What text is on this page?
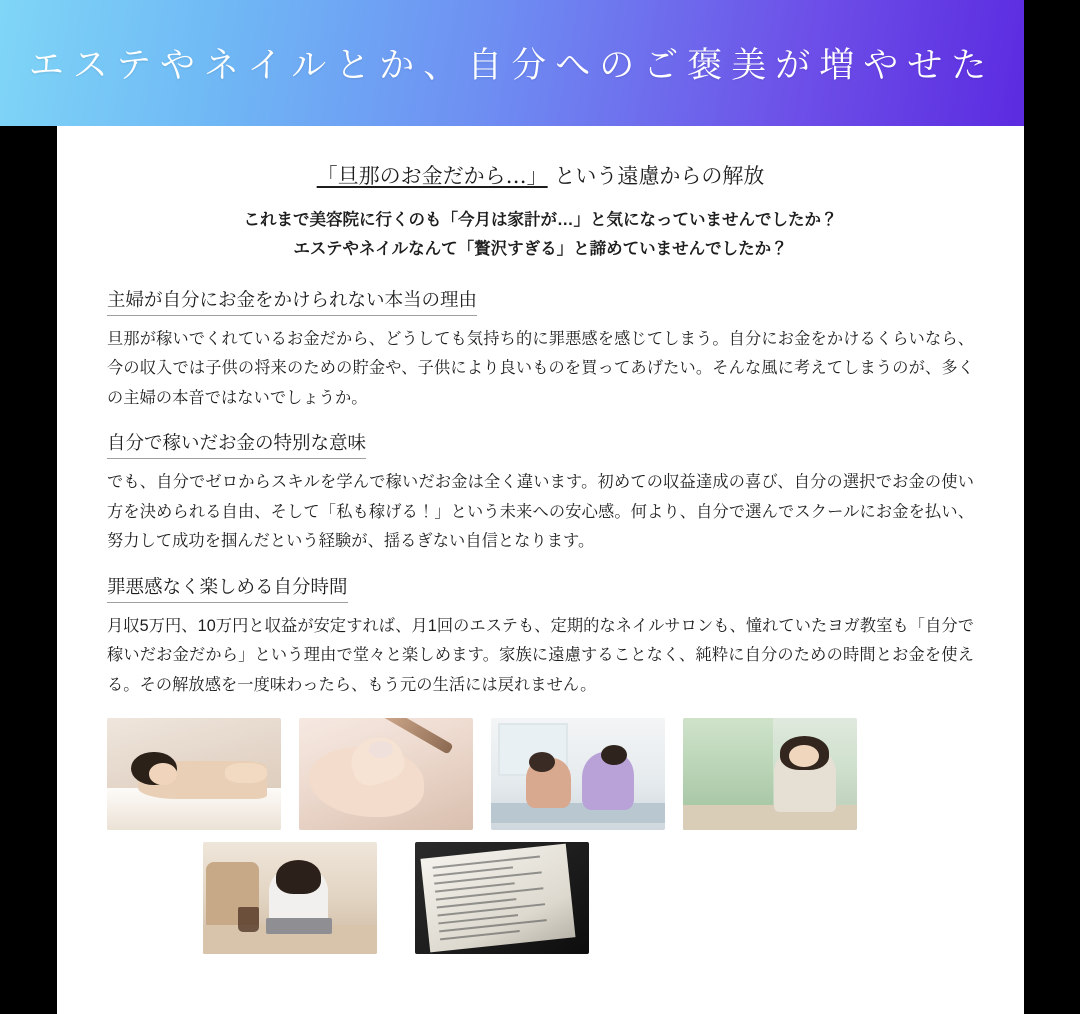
エステやネイルとか、自分へのご褒美が増やせた

「旦那のお金だから…」 という遠慮からの解放

これまで美容院に行くのも「今月は家計が…」と気になっていませんでしたか？
エステやネイルなんて「贅沢すぎる」と諦めていませんでしたか？
主婦が自分にお金をかけられない本当の理由

旦那が稼いでくれているお金だから、どうしても気持ち的に罪悪感を感じてしまう。自分にお金をかけるくらいなら、今の収入では子供の将来のための貯金や、子供により良いものを買ってあげたい。そんな風に考えてしまうのが、多くの主婦の本音ではないでしょうか。

自分で稼いだお金の特別な意味

でも、自分でゼロからスキルを学んで稼いだお金は全く違います。初めての収益達成の喜び、自分の選択でお金の使い方を決められる自由、そして「私も稼げる！」という未来への安心感。何より、自分で選んでスクールにお金を払い、努力して成功を掴んだという経験が、揺るぎない自信となります。

罪悪感なく楽しめる自分時間

月収5万円、10万円と収益が安定すれば、月1回のエステも、定期的なネイルサロンも、憧れていたヨガ教室も「自分で稼いだお金だから」という理由で堂々と楽しめます。家族に遠慮することなく、純粋に自分のための時間とお金を使える。その解放感を一度味わったら、もう元の生活には戻れません。
